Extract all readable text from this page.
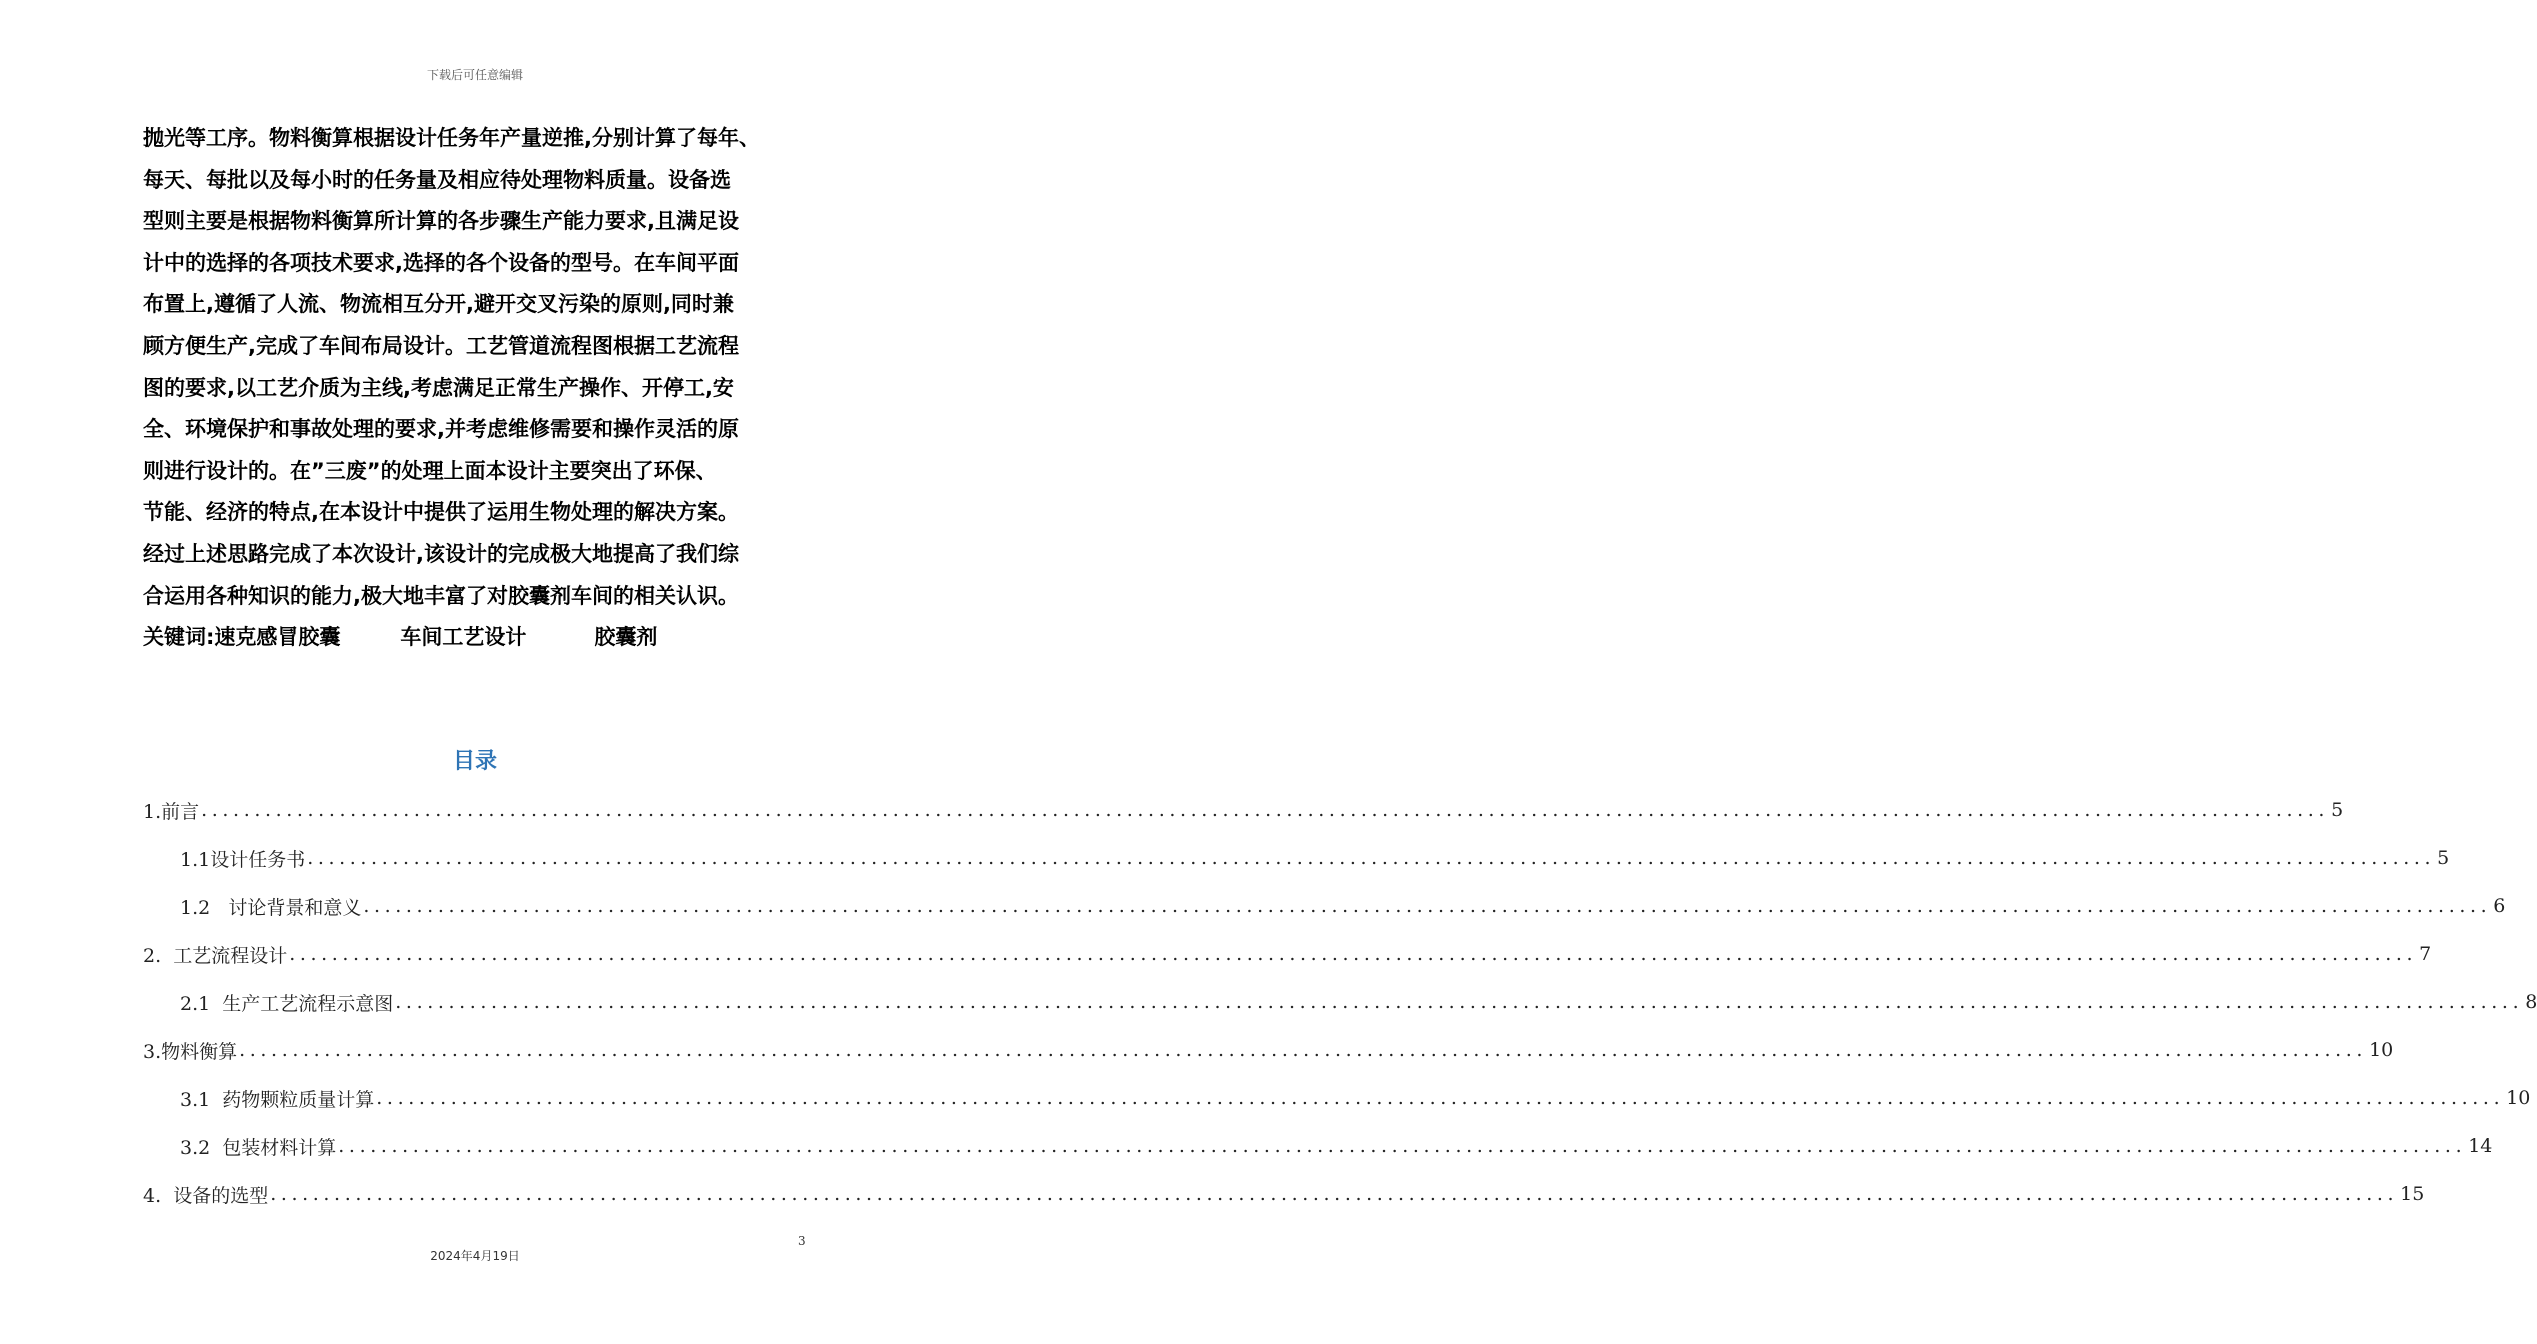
下载后可任意编辑
抛光等工序。物料衡算根据设计任务年产量逆推,分别计算了每年、
每天、每批以及每小时的任务量及相应待处理物料质量。设备选
型则主要是根据物料衡算所计算的各步骤生产能力要求,且满足设
计中的选择的各项技术要求,选择的各个设备的型号。在车间平面
布置上,遵循了人流、物流相互分开,避开交叉污染的原则,同时兼
顾方便生产,完成了车间布局设计。工艺管道流程图根据工艺流程
图的要求,以工艺介质为主线,考虑满足正常生产操作、开停工,安
全、环境保护和事故处理的要求,并考虑维修需要和操作灵活的原
则进行设计的。在”三废”的处理上面本设计主要突出了环保、
节能、经济的特点,在本设计中提供了运用生物处理的解决方案。
经过上述思路完成了本次设计,该设计的完成极大地提高了我们综
合运用各种知识的能力,极大地丰富了对胶囊剂车间的相关认识。
关键词:速克感冒胶囊	车间工艺设计	胶囊剂
目录
1.前言 ........................................................................................................................................................................................................ 5
1.1设计任务书 ........................................................................................................................................................................................................ 5
1.2   讨论背景和意义 ........................................................................................................................................................................................................ 6
2.  工艺流程设计 ........................................................................................................................................................................................................ 7
2.1  生产工艺流程示意图 ........................................................................................................................................................................................................ 8
3.物料衡算 ........................................................................................................................................................................................................ 10
3.1  药物颗粒质量计算 ........................................................................................................................................................................................................ 10
3.2  包装材料计算 ........................................................................................................................................................................................................ 14
4.  设备的选型 ........................................................................................................................................................................................................ 15
3
2024年4月19日
